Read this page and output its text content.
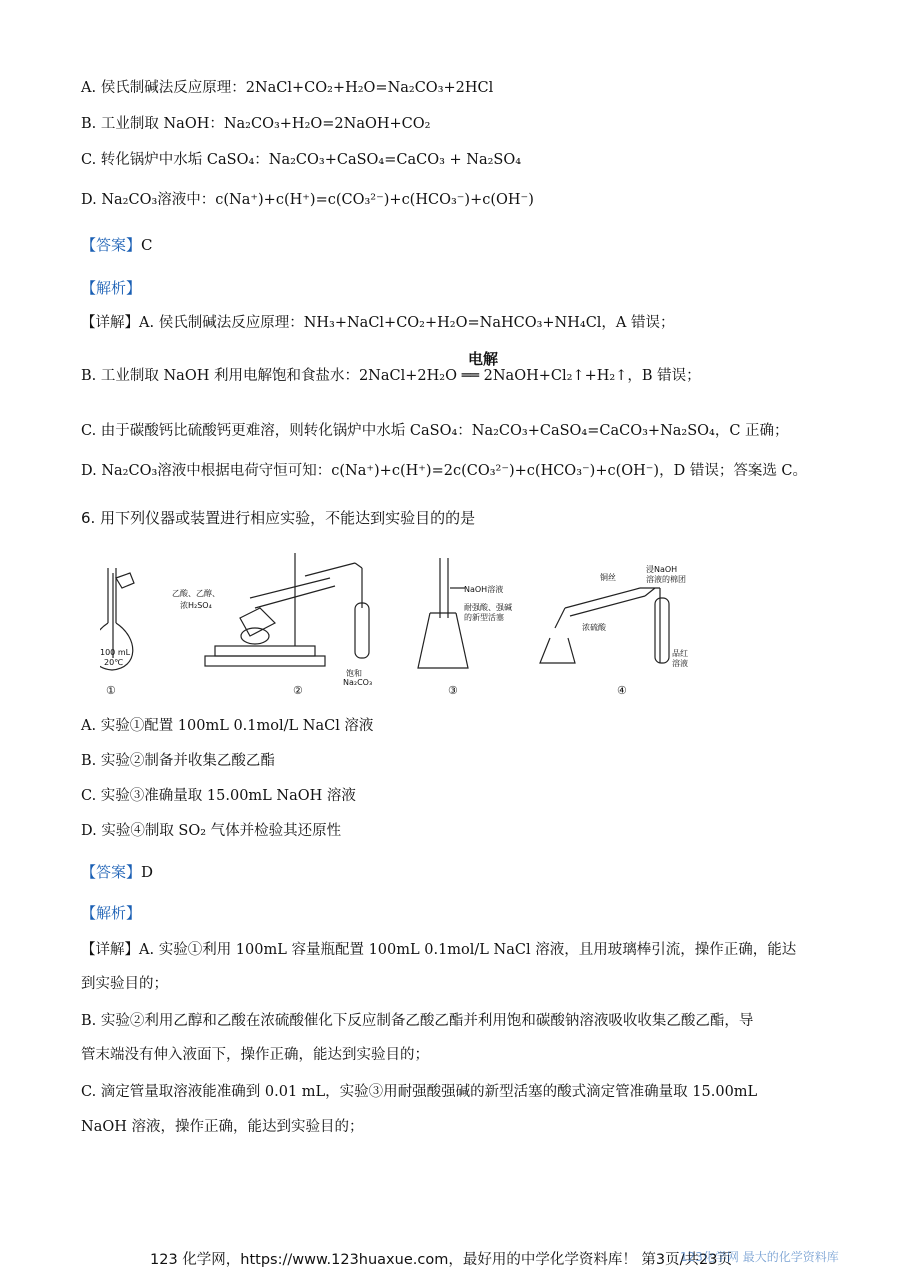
A. 侯氏制碱法反应原理：2NaCl+CO₂+H₂O=Na₂CO₃+2HCl
B. 工业制取 NaOH：Na₂CO₃+H₂O=2NaOH+CO₂
C. 转化锅炉中水垢 CaSO₄：Na₂CO₃+CaSO₄=CaCO₃ + Na₂SO₄
D. Na₂CO₃溶液中：c(Na⁺)+c(H⁺)=c(CO₃²⁻)+c(HCO₃⁻)+c(OH⁻)
【答案】C
【解析】
【详解】A. 侯氏制碱法反应原理：NH₃+NaCl+CO₂+H₂O=NaHCO₃+NH₄Cl，A 错误；
电解
B. 工业制取 NaOH 利用电解饱和食盐水：2NaCl+2H₂O ══ 2NaOH+Cl₂↑+H₂↑，B 错误；
C. 由于碳酸钙比硫酸钙更难溶，则转化锅炉中水垢 CaSO₄：Na₂CO₃+CaSO₄=CaCO₃+Na₂SO₄，C 正确；
D. Na₂CO₃溶液中根据电荷守恒可知：c(Na⁺)+c(H⁺)=2c(CO₃²⁻)+c(HCO₃⁻)+c(OH⁻)，D 错误；答案选 C。
6. 用下列仪器或装置进行相应实验，不能达到实验目的的是
①	②	③	④
100 mL
20℃
乙酸、乙醇、
浓H₂SO₄
饱和
Na₂CO₃
NaOH溶液
耐强酸、强碱
的新型活塞
铜丝
浸NaOH
溶液的棉团
浓硫酸
品红
溶液
A. 实验①配置 100mL 0.1mol/L NaCl 溶液
B. 实验②制备并收集乙酸乙酯
C. 实验③准确量取 15.00mL NaOH 溶液
D. 实验④制取 SO₂ 气体并检验其还原性
【答案】D
【解析】
【详解】A. 实验①利用 100mL 容量瓶配置 100mL 0.1mol/L NaCl 溶液，且用玻璃棒引流，操作正确，能达
到实验目的；
B. 实验②利用乙醇和乙酸在浓硫酸催化下反应制备乙酸乙酯并利用饱和碳酸钠溶液吸收收集乙酸乙酯，导
管末端没有伸入液面下，操作正确，能达到实验目的；
C. 滴定管量取溶液能准确到 0.01 mL，实验③用耐强酸强碱的新型活塞的酸式滴定管准确量取 15.00mL
NaOH 溶液，操作正确，能达到实验目的；
123 化学网，https://www.123huaxue.com，最好用的中学化学资料库！ 第3页/共23页
123化学网 最大的化学资料库
